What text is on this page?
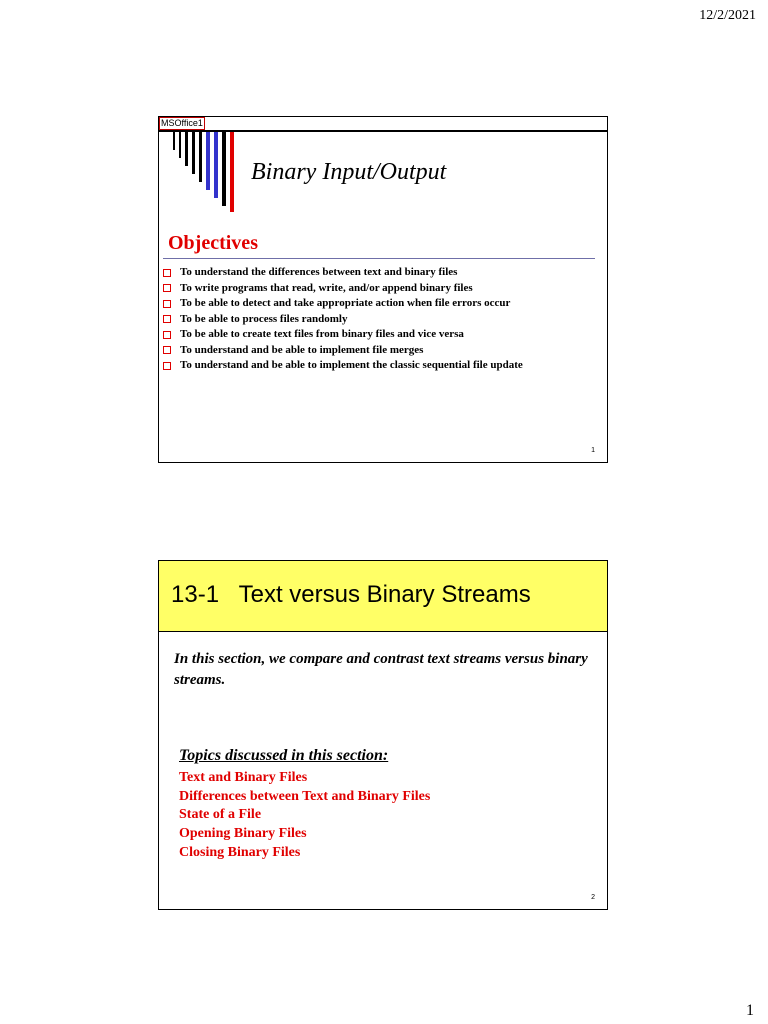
12/2/2021
MSOffice1
Binary Input/Output
Objectives
To understand the differences between text and binary files
To write programs that read, write, and/or append binary files
To be able to detect and take appropriate action when file errors occur
To be able to process files randomly
To be able to create text files from binary files and vice versa
To understand and be able to implement file merges
To understand and be able to implement the classic sequential file update
1
13-1   Text versus Binary Streams
In this section, we compare and contrast text streams versus binary streams.
Topics discussed in this section:
Text and Binary Files
Differences between Text and Binary Files
State of a File
Opening Binary Files
Closing Binary Files
2
1
